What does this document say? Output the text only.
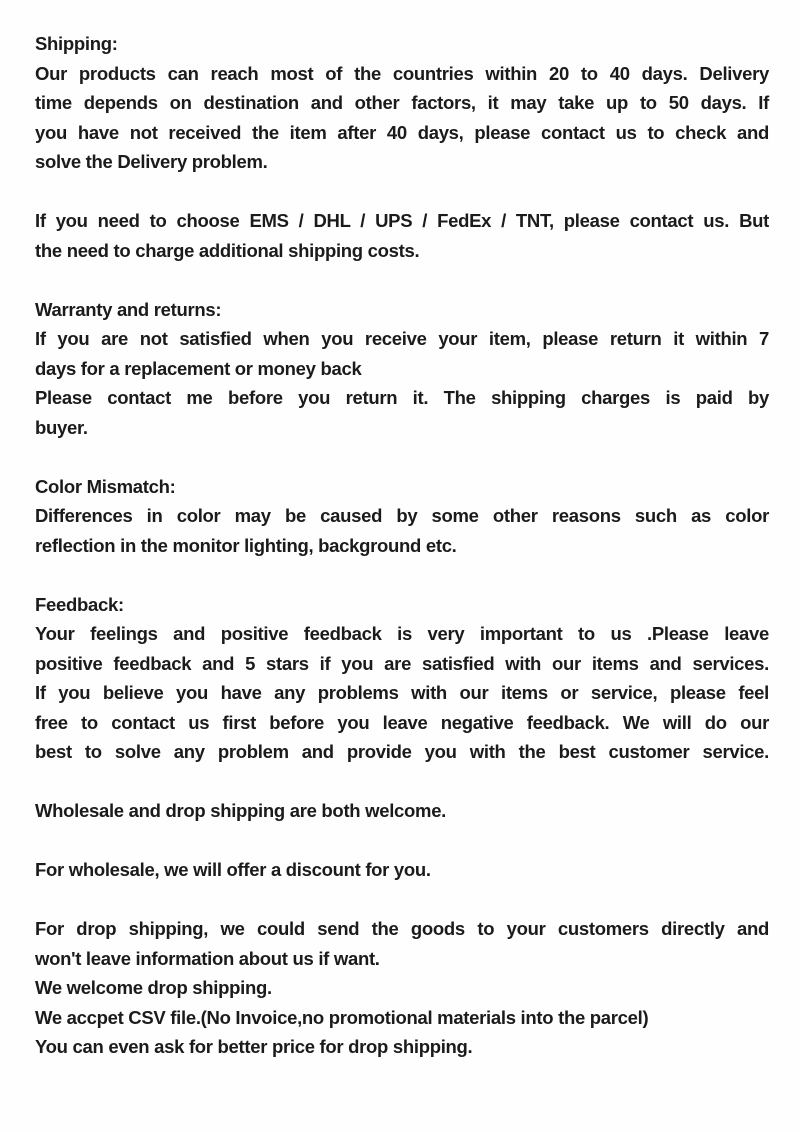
Shipping:
Our products can reach most of the countries within 20 to 40 days. Delivery
time depends on destination and other factors, it may take up to 50 days. If
you have not received the item after 40 days, please contact us to check and
solve the Delivery problem.
If you need to choose EMS / DHL / UPS / FedEx / TNT, please contact us. But
the need to charge additional shipping costs.
Warranty and returns:
If you are not satisfied when you receive your item, please return it within 7
days for a replacement or money back
Please contact me before you return it. The shipping charges is paid by
buyer.
Color Mismatch:
Differences in color may be caused by some other reasons such as color
reflection in the monitor lighting, background etc.
Feedback:
Your feelings and positive feedback is very important to us .Please leave
positive feedback and 5 stars if you are satisfied with our items and services.
If you believe you have any problems with our items or service, please feel
free to contact us first before you leave negative feedback. We will do our
best to solve any problem and provide you with the best customer service.
Wholesale and drop shipping are both welcome.
For wholesale, we will offer a discount for you.
For drop shipping, we could send the goods to your customers directly and
won't leave information about us if want.
We welcome drop shipping.
We accpet CSV file.(No Invoice,no promotional materials into the parcel)
You can even ask for better price for drop shipping.
